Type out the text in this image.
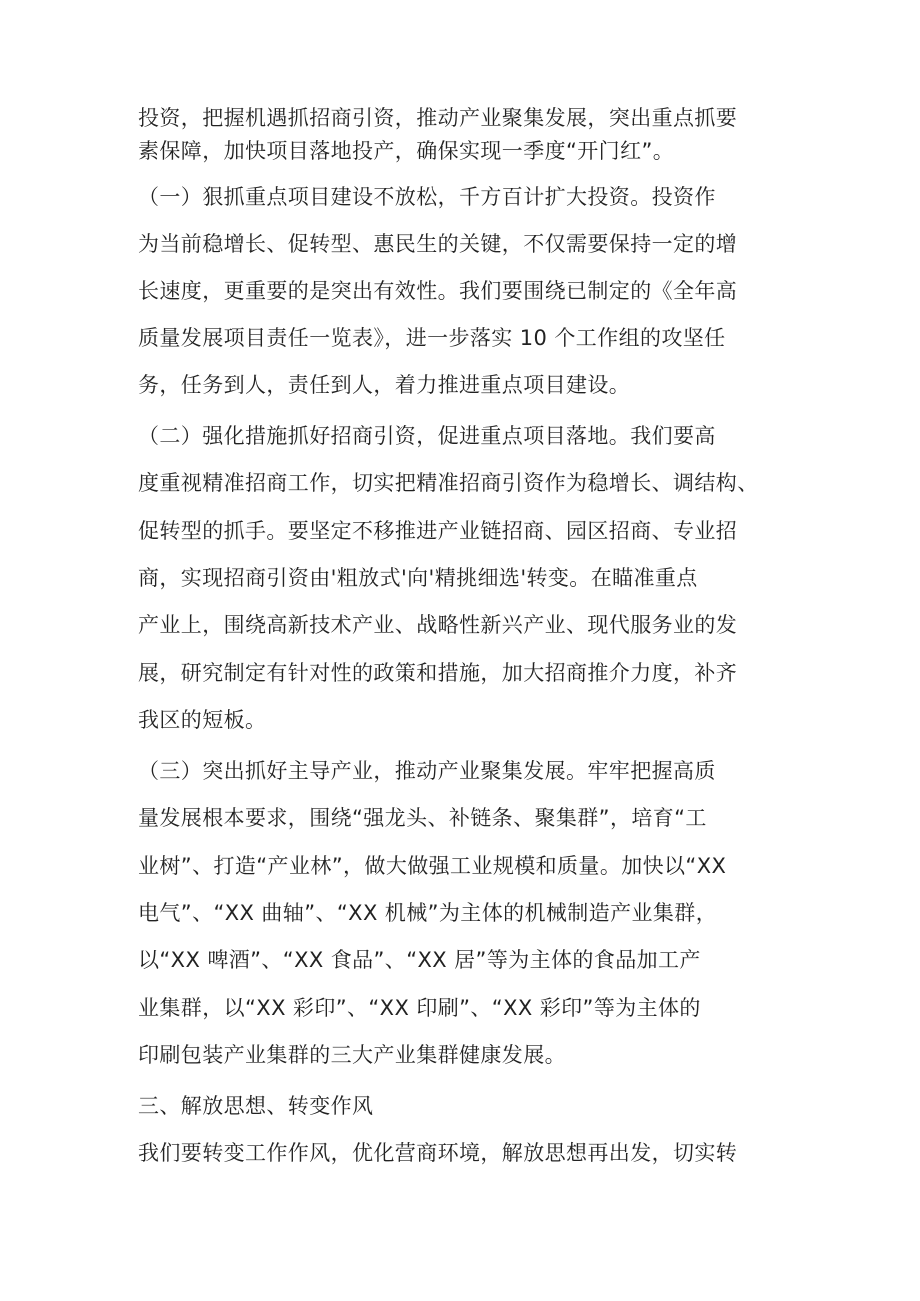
投资，把握机遇抓招商引资，推动产业聚集发展，突出重点抓要
素保障，加快项目落地投产，确保实现一季度“开门红”。
（一）狠抓重点项目建设不放松，千方百计扩大投资。投资作
为当前稳增长、促转型、惠民生的关键，不仅需要保持一定的增
长速度，更重要的是突出有效性。我们要围绕已制定的《全年高
质量发展项目责任一览表》，进一步落实 10 个工作组的攻坚任
务，任务到人，责任到人，着力推进重点项目建设。
（二）强化措施抓好招商引资，促进重点项目落地。我们要高
度重视精准招商工作，切实把精准招商引资作为稳增长、调结构、
促转型的抓手。要坚定不移推进产业链招商、园区招商、专业招
商，实现招商引资由'粗放式'向'精挑细选'转变。在瞄准重点
产业上，围绕高新技术产业、战略性新兴产业、现代服务业的发
展，研究制定有针对性的政策和措施，加大招商推介力度，补齐
我区的短板。
（三）突出抓好主导产业，推动产业聚集发展。牢牢把握高质
量发展根本要求，围绕“强龙头、补链条、聚集群”，培育“工
业树”、打造“产业林”，做大做强工业规模和质量。加快以“XX
电气”、“XX 曲轴”、“XX 机械”为主体的机械制造产业集群，
以“XX 啤酒”、“XX 食品”、“XX 居”等为主体的食品加工产
业集群，以“XX 彩印”、“XX 印刷”、“XX 彩印”等为主体的
印刷包装产业集群的三大产业集群健康发展。
三、解放思想、转变作风
我们要转变工作作风，优化营商环境，解放思想再出发，切实转
